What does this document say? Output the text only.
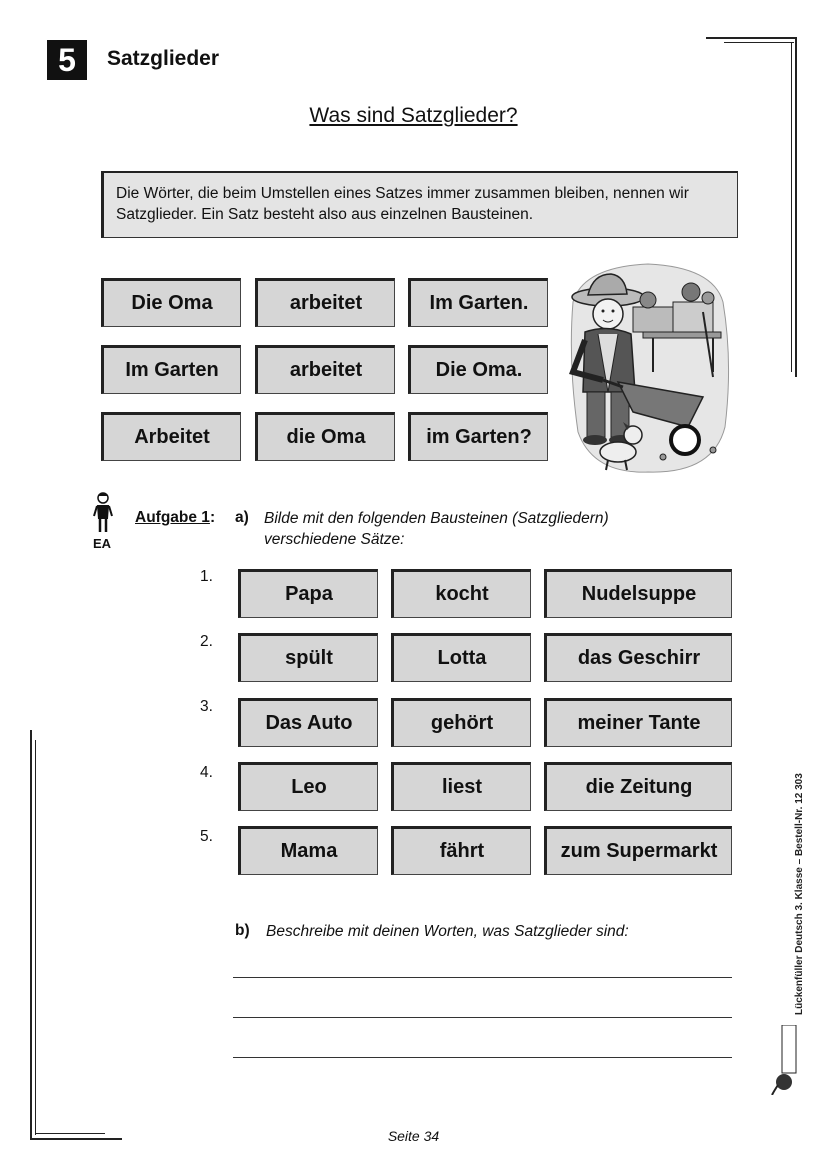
5	Satzglieder
Was sind Satzglieder?
Die Wörter, die beim Umstellen eines Satzes immer zusammen bleiben, nennen wir Satzglieder. Ein Satz besteht also aus einzelnen Bausteinen.
Die Oma	arbeitet	Im Garten.
Im Garten	arbeitet	Die Oma.
Arbeitet	die Oma	im Garten?
EA
Aufgabe 1: a) Bilde mit den folgenden Bausteinen (Satzgliedern)
verschiedene Sätze:
1.
Papa	kocht	Nudelsuppe
2.
spült	Lotta	das Geschirr
3.
Das Auto	gehört	meiner Tante
4.
Leo	liest	die Zeitung
5.
Mama	fährt	zum Supermarkt
b) Beschreibe mit deinen Worten, was Satzglieder sind:	Lückenfüller Deutsch 3. Klasse – Bestell-Nr. 12 303
Seite 34
